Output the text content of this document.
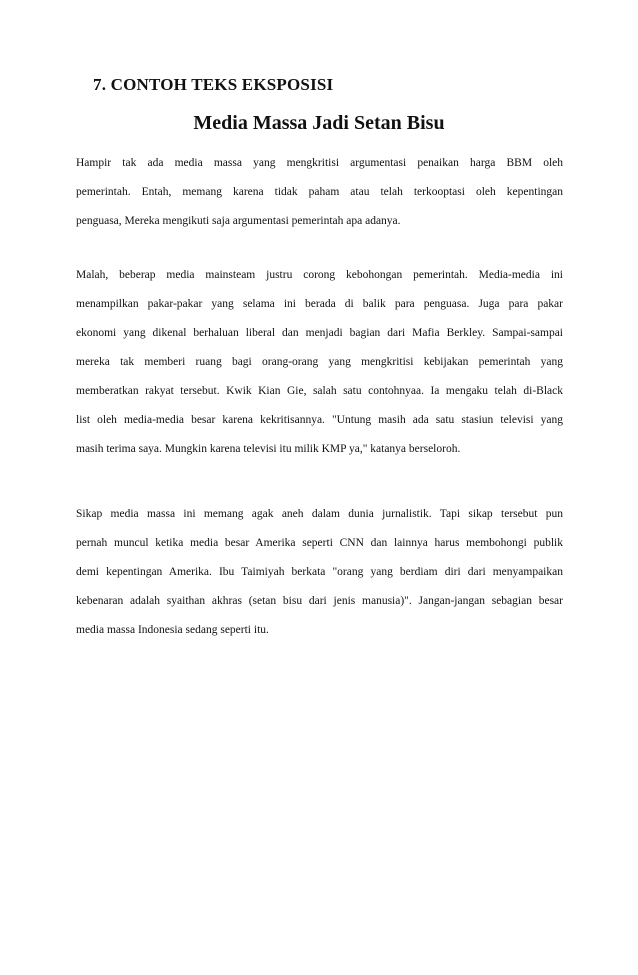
7. CONTOH TEKS EKSPOSISI
Media Massa Jadi Setan Bisu
Hampir tak ada media massa yang mengkritisi argumentasi penaikan harga BBM oleh
pemerintah. Entah, memang karena tidak paham atau telah terkooptasi oleh kepentingan
penguasa, Mereka mengikuti saja argumentasi pemerintah apa adanya.
Malah, beberap media mainsteam justru corong kebohongan pemerintah. Media-media ini
menampilkan pakar-pakar yang selama ini berada di balik para penguasa. Juga para pakar
ekonomi yang dikenal berhaluan liberal dan menjadi bagian dari Mafia Berkley. Sampai-sampai
mereka tak memberi ruang bagi orang-orang yang mengkritisi kebijakan pemerintah yang
memberatkan rakyat tersebut. Kwik Kian Gie, salah satu contohnyaa. Ia mengaku telah di-Black
list oleh media-media besar karena kekritisannya. "Untung masih ada satu stasiun televisi yang
masih terima saya. Mungkin karena televisi itu milik KMP ya," katanya berseloroh.
Sikap media massa ini memang agak aneh dalam dunia jurnalistik. Tapi sikap tersebut pun
pernah muncul ketika media besar Amerika seperti CNN dan lainnya harus membohongi publik
demi kepentingan Amerika. Ibu Taimiyah berkata "orang yang berdiam diri dari menyampaikan
kebenaran adalah syaithan akhras (setan bisu dari jenis manusia)". Jangan-jangan sebagian besar
media massa Indonesia sedang seperti itu.
